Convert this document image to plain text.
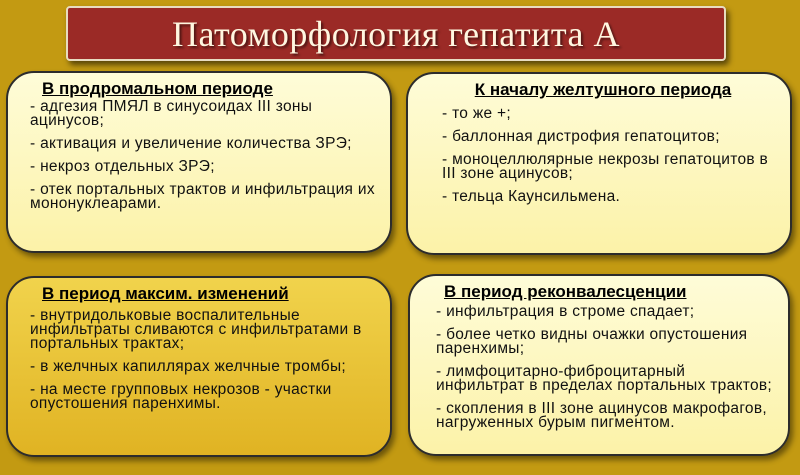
Патоморфология гепатита А
В продромальном периоде
- адгезия ПМЯЛ в синусоидах III зоны ацинусов;
- активация и увеличение количества ЗРЭ;
- некроз отдельных ЗРЭ;
- отек портальных трактов и инфильтрация их мононуклеарами.
К началу желтушного периода
- то же +;
- баллонная дистрофия гепатоцитов;
- моноцеллюлярные некрозы гепатоцитов в III зоне ацинусов;
- тельца Каунсильмена.
В период максим. изменений
- внутридольковые воспалительные инфильтраты сливаются с инфильтратами в портальных трактах;
- в желчных капиллярах желчные тромбы;
- на месте групповых некрозов - участки опустошения паренхимы.
В период реконвалесценции
- инфильтрация в строме спадает;
- более четко видны очажки опустошения паренхимы;
- лимфоцитарно-фиброцитарный инфильтрат в пределах портальных трактов;
- скопления в III зоне ацинусов макрофагов, нагруженных бурым пигментом.
